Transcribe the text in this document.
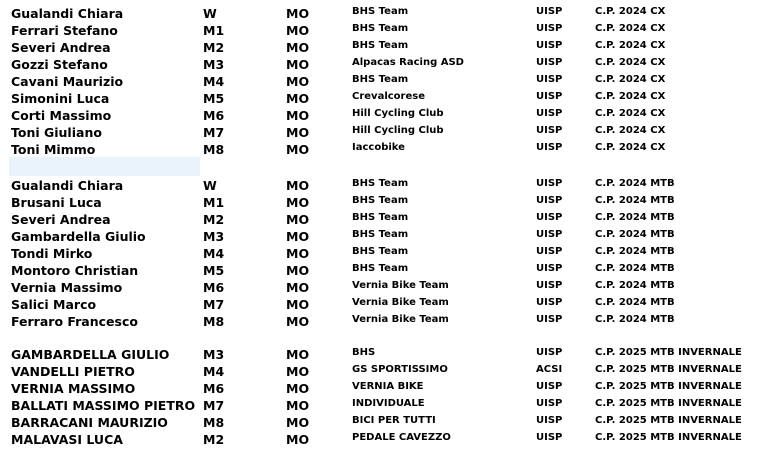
Gualandi Chiara	W	MO	BHS Team	UISP	C.P. 2024 CX
Ferrari Stefano	M1	MO	BHS Team	UISP	C.P. 2024 CX
Severi Andrea	M2	MO	BHS Team	UISP	C.P. 2024 CX
Gozzi Stefano	M3	MO	Alpacas Racing ASD	UISP	C.P. 2024 CX
Cavani Maurizio	M4	MO	BHS Team	UISP	C.P. 2024 CX
Simonini Luca	M5	MO	Crevalcorese	UISP	C.P. 2024 CX
Corti Massimo	M6	MO	Hill Cycling Club	UISP	C.P. 2024 CX
Toni Giuliano	M7	MO	Hill Cycling Club	UISP	C.P. 2024 CX
Toni Mimmo	M8	MO	Iaccobike	UISP	C.P. 2024 CX
Gualandi Chiara	W	MO	BHS Team	UISP	C.P. 2024 MTB
Brusani Luca	M1	MO	BHS Team	UISP	C.P. 2024 MTB
Severi Andrea	M2	MO	BHS Team	UISP	C.P. 2024 MTB
Gambardella Giulio	M3	MO	BHS Team	UISP	C.P. 2024 MTB
Tondi Mirko	M4	MO	BHS Team	UISP	C.P. 2024 MTB
Montoro Christian	M5	MO	BHS Team	UISP	C.P. 2024 MTB
Vernia Massimo	M6	MO	Vernia Bike Team	UISP	C.P. 2024 MTB
Salici Marco	M7	MO	Vernia Bike Team	UISP	C.P. 2024 MTB
Ferraro Francesco	M8	MO	Vernia Bike Team	UISP	C.P. 2024 MTB
GAMBARDELLA GIULIO	M3	MO	BHS	UISP	C.P. 2025 MTB INVERNALE
VANDELLI PIETRO	M4	MO	GS SPORTISSIMO	ACSI	C.P. 2025 MTB INVERNALE
VERNIA MASSIMO	M6	MO	VERNIA BIKE	UISP	C.P. 2025 MTB INVERNALE
BALLATI MASSIMO PIETRO M7	MO	INDIVIDUALE	UISP	C.P. 2025 MTB INVERNALE
BARRACANI MAURIZIO	M8	MO	BICI PER TUTTI	UISP	C.P. 2025 MTB INVERNALE
MALAVASI LUCA	M2	MO	PEDALE CAVEZZO	UISP	C.P. 2025 MTB INVERNALE
